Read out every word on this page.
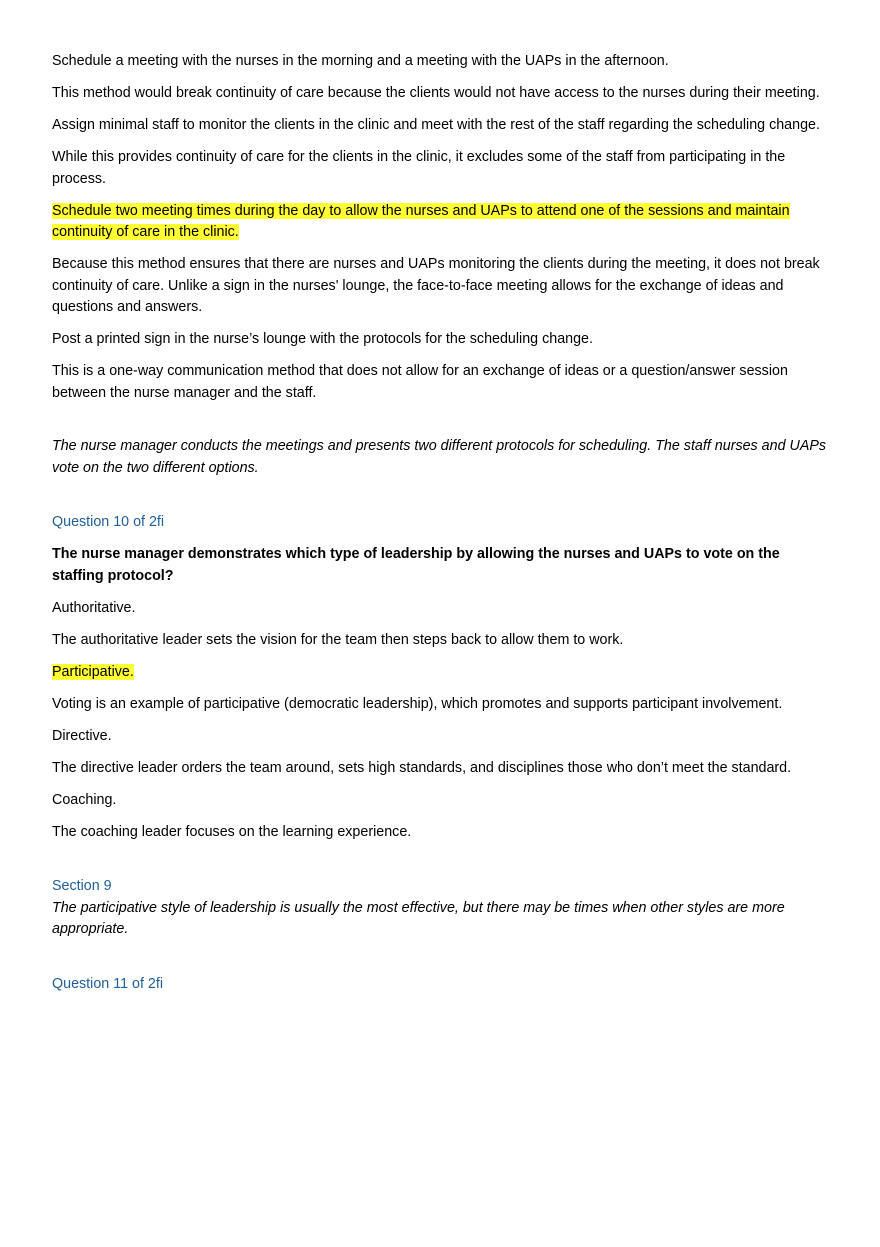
Schedule a meeting with the nurses in the morning and a meeting with the UAPs in the afternoon.

This method would break continuity of care because the clients would not have access to the nurses during their meeting.

Assign minimal staff to monitor the clients in the clinic and meet with the rest of the staff regarding the scheduling change.

While this provides continuity of care for the clients in the clinic, it excludes some of the staff from participating in the process.

Schedule two meeting times during the day to allow the nurses and UAPs to attend one of the sessions and maintain continuity of care in the clinic.

Because this method ensures that there are nurses and UAPs monitoring the clients during the meeting, it does not break continuity of care. Unlike a sign in the nurses' lounge, the face-to-face meeting allows for the exchange of ideas and questions and answers.

Post a printed sign in the nurse’s lounge with the protocols for the scheduling change.

This is a one-way communication method that does not allow for an exchange of ideas or a question/answer session between the nurse manager and the staff.

The nurse manager conducts the meetings and presents two different protocols for scheduling. The staff nurses and UAPs vote on the two different options.

Question 10 of 2fi

The nurse manager demonstrates which type of leadership by allowing the nurses and UAPs to vote on the stafﬁng protocol?

Authoritative.

The authoritative leader sets the vision for the team then steps back to allow them to work.

Participative.

Voting is an example of participative (democratic leadership), which promotes and supports participant involvement.

Directive.

The directive leader orders the team around, sets high standards, and disciplines those who don’t meet the standard.

Coaching.

The coaching leader focuses on the learning experience.

Section 9

The participative style of leadership is usually the most effective, but there may be times when other styles are more appropriate.

Question 11 of 2fi
